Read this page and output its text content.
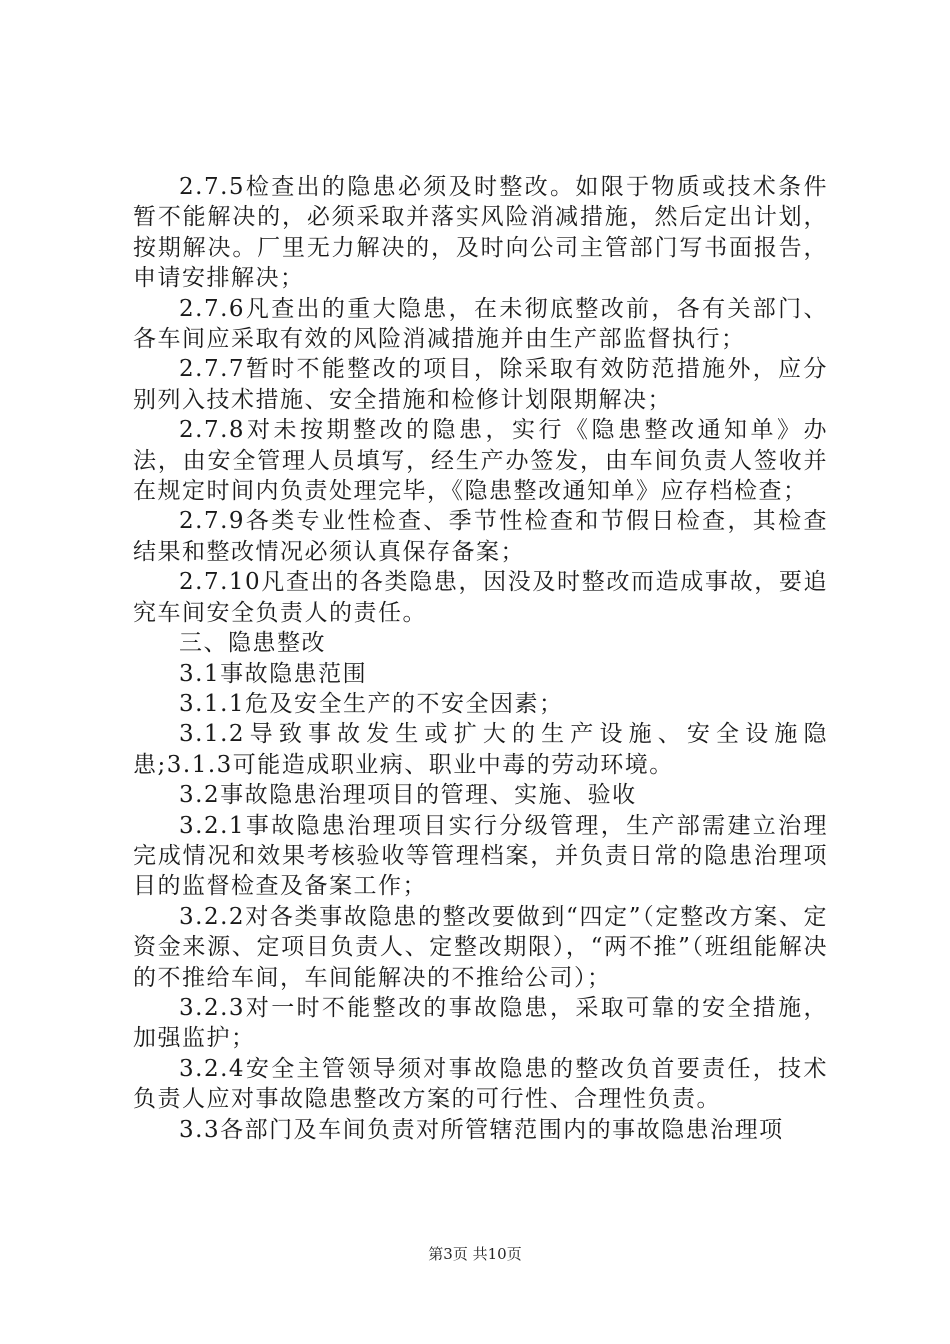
2.7.5检查出的隐患必须及时整改。如限于物质或技术条件暂不能解决的，必须采取并落实风险消减措施，然后定出计划，按期解决。厂里无力解决的，及时向公司主管部门写书面报告，申请安排解决；

2.7.6凡查出的重大隐患，在未彻底整改前，各有关部门、各车间应采取有效的风险消减措施并由生产部监督执行；

2.7.7暂时不能整改的项目，除采取有效防范措施外，应分别列入技术措施、安全措施和检修计划限期解决；

2.7.8对未按期整改的隐患，实行《隐患整改通知单》办法，由安全管理人员填写，经生产办签发，由车间负责人签收并在规定时间内负责处理完毕，《隐患整改通知单》应存档检查；

2.7.9各类专业性检查、季节性检查和节假日检查，其检查结果和整改情况必须认真保存备案；

2.7.10凡查出的各类隐患，因没及时整改而造成事故，要追究车间安全负责人的责任。

三、隐患整改

3.1事故隐患范围

3.1.1危及安全生产的不安全因素；

3.1.2导致事故发生或扩大的生产设施、安全设施隐患;3.1.3可能造成职业病、职业中毒的劳动环境。

3.2事故隐患治理项目的管理、实施、验收

3.2.1事故隐患治理项目实行分级管理，生产部需建立治理完成情况和效果考核验收等管理档案，并负责日常的隐患治理项目的监督检查及备案工作；

3.2.2对各类事故隐患的整改要做到“四定”（定整改方案、定资金来源、定项目负责人、定整改期限），“两不推”（班组能解决的不推给车间，车间能解决的不推给公司）；

3.2.3对一时不能整改的事故隐患，采取可靠的安全措施，加强监护；

3.2.4安全主管领导须对事故隐患的整改负首要责任，技术负责人应对事故隐患整改方案的可行性、合理性负责。

3.3各部门及车间负责对所管辖范围内的事故隐患治理项

第3页 共10页
